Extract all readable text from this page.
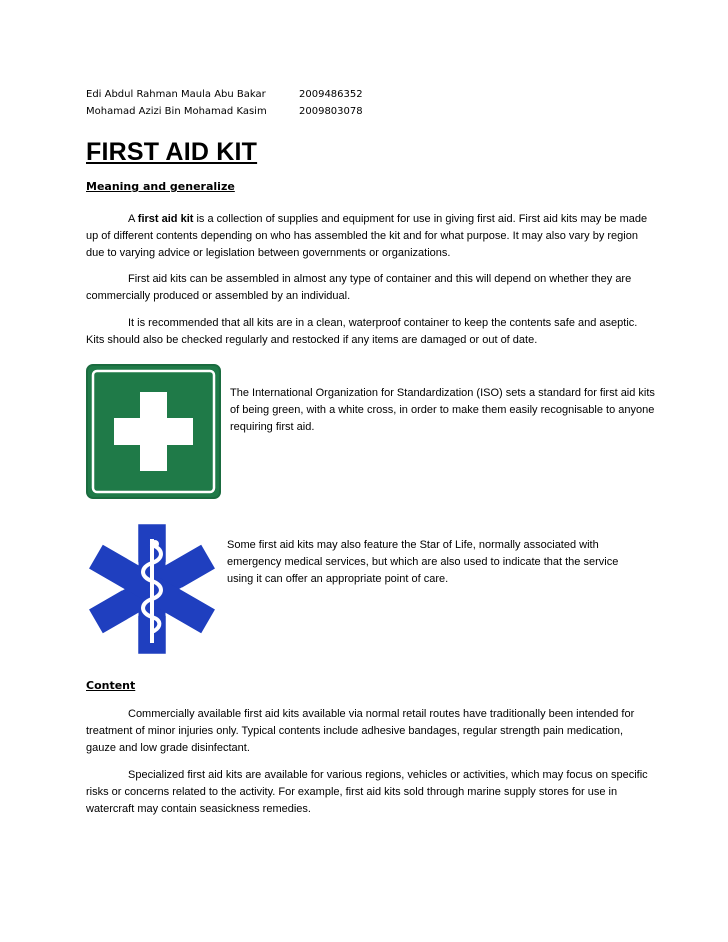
Edi Abdul Rahman Maula Abu Bakar	2009486352
Mohamad Azizi Bin Mohamad Kasim	2009803078
FIRST AID KIT
Meaning and generalize

A first aid kit is a collection of supplies and equipment for use in giving first aid. First aid kits may be made up of different contents depending on who has assembled the kit and for what purpose. It may also vary by region due to varying advice or legislation between governments or organizations.

First aid kits can be assembled in almost any type of container and this will depend on whether they are commercially produced or assembled by an individual.

It is recommended that all kits are in a clean, waterproof container to keep the contents safe and aseptic. Kits should also be checked regularly and restocked if any items are damaged or out of date.

The International Organization for Standardization (ISO) sets a standard for first aid kits of being green, with a white cross, in order to make them easily recognisable to anyone requiring first aid.
Some first aid kits may also feature the Star of Life, normally associated with emergency medical services, but which are also used to indicate that the service using it can offer an appropriate point of care.
Content

Commercially available first aid kits available via normal retail routes have traditionally been intended for treatment of minor injuries only. Typical contents include adhesive bandages, regular strength pain medication, gauze and low grade disinfectant.

Specialized first aid kits are available for various regions, vehicles or activities, which may focus on specific risks or concerns related to the activity. For example, first aid kits sold through marine supply stores for use in watercraft may contain seasickness remedies.
